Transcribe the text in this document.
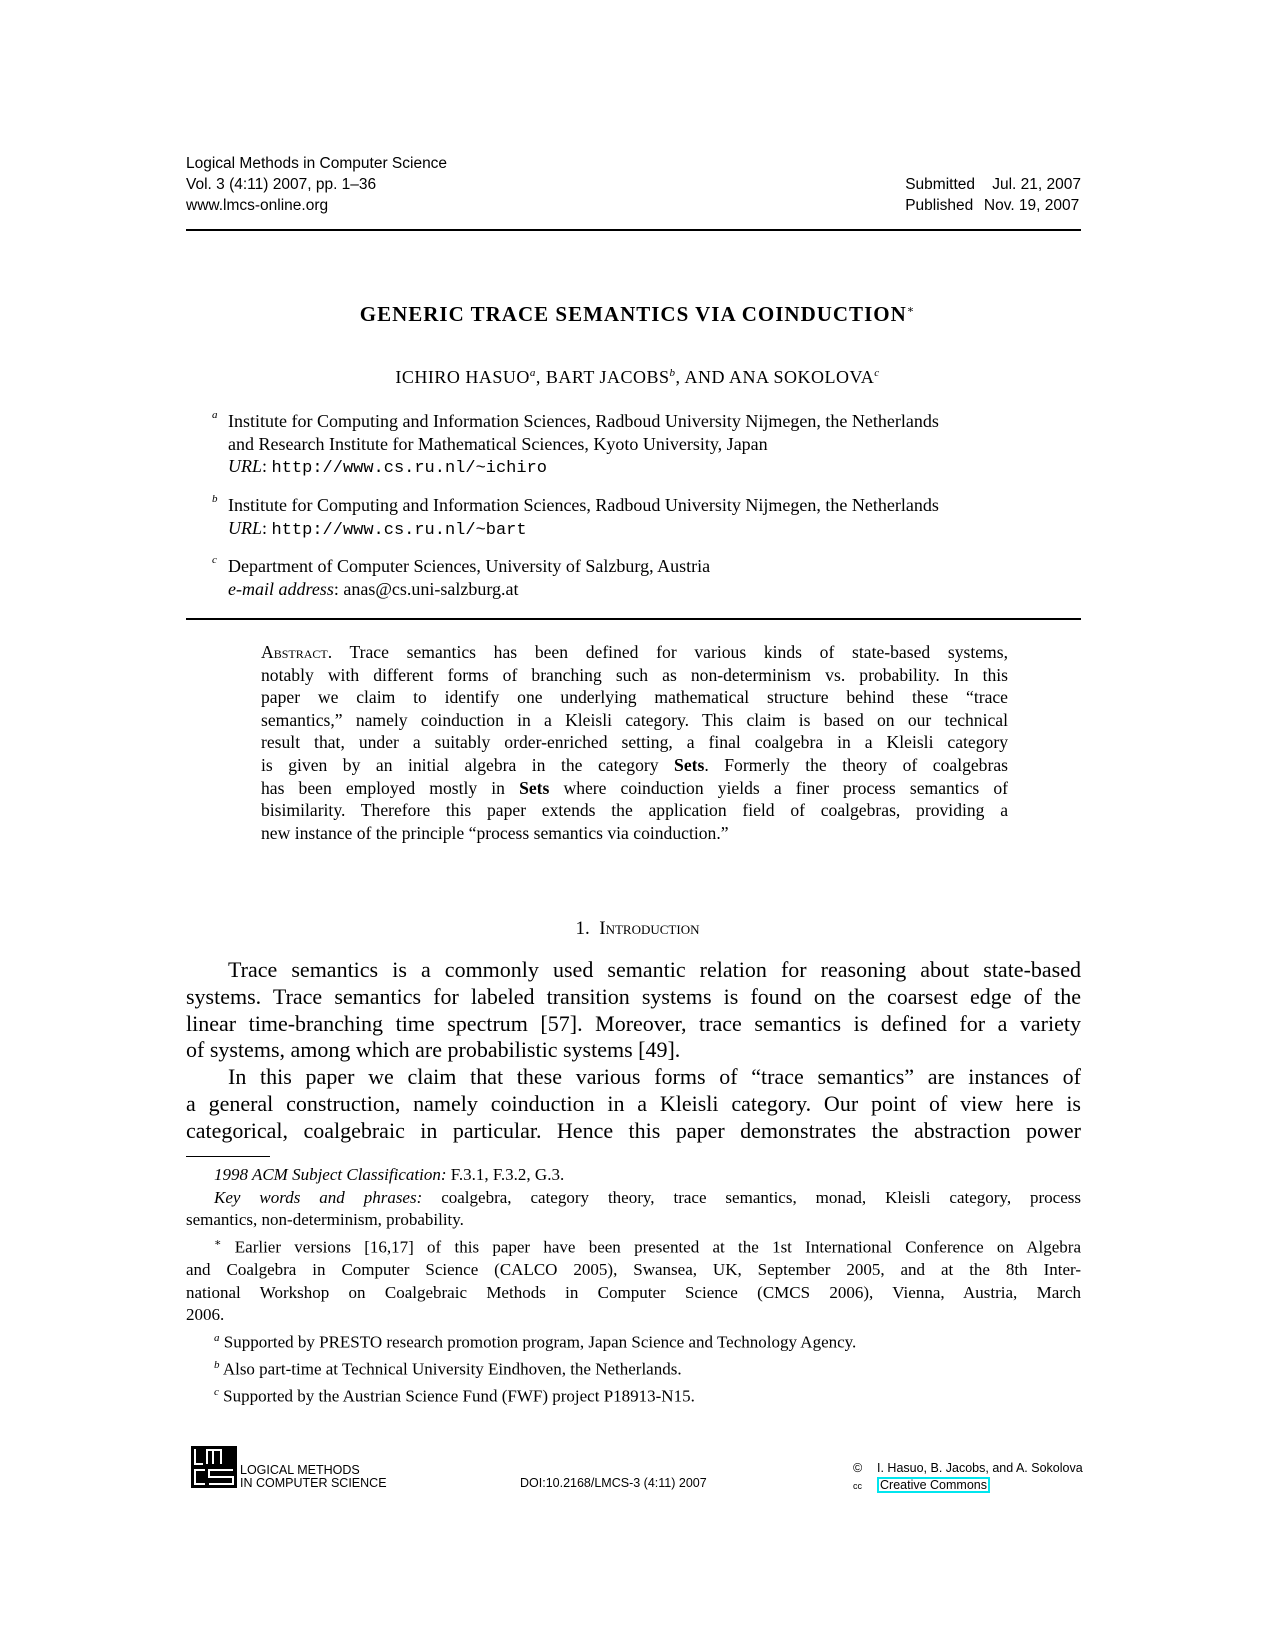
Logical Methods in Computer Science
Vol. 3 (4:11) 2007, pp. 1–36
www.lmcs-online.org
Submitted Jul. 21, 2007
Published Nov. 19, 2007
GENERIC TRACE SEMANTICS VIA COINDUCTION∗
ICHIRO HASUO$^a$, BART JACOBS$^b$, AND ANA SOKOLOVA$^c$
a Institute for Computing and Information Sciences, Radboud University Nijmegen, the Netherlands
and Research Institute for Mathematical Sciences, Kyoto University, Japan
URL: http://www.cs.ru.nl/~ichiro
b Institute for Computing and Information Sciences, Radboud University Nijmegen, the Netherlands
URL: http://www.cs.ru.nl/~bart
c Department of Computer Sciences, University of Salzburg, Austria
e-mail address: anas@cs.uni-salzburg.at
Abstract. Trace semantics has been defined for various kinds of state-based systems,
notably with different forms of branching such as non-determinism vs. probability. In this
paper we claim to identify one underlying mathematical structure behind these “trace
semantics,” namely coinduction in a Kleisli category. This claim is based on our technical
result that, under a suitably order-enriched setting, a final coalgebra in a Kleisli category
is given by an initial algebra in the category Sets. Formerly the theory of coalgebras
has been employed mostly in Sets where coinduction yields a finer process semantics of
bisimilarity. Therefore this paper extends the application field of coalgebras, providing a
new instance of the principle “process semantics via coinduction.”
1. Introduction
Trace semantics is a commonly used semantic relation for reasoning about state-based
systems. Trace semantics for labeled transition systems is found on the coarsest edge of the
linear time-branching time spectrum [57]. Moreover, trace semantics is defined for a variety
of systems, among which are probabilistic systems [49].
In this paper we claim that these various forms of “trace semantics” are instances of
a general construction, namely coinduction in a Kleisli category. Our point of view here is
categorical, coalgebraic in particular. Hence this paper demonstrates the abstraction power
1998 ACM Subject Classification: F.3.1, F.3.2, G.3.
Key words and phrases: coalgebra, category theory, trace semantics, monad, Kleisli category, process
semantics, non-determinism, probability.
∗ Earlier versions [16,17] of this paper have been presented at the 1st International Conference on Algebra
and Coalgebra in Computer Science (CALCO 2005), Swansea, UK, September 2005, and at the 8th Inter-
national Workshop on Coalgebraic Methods in Computer Science (CMCS 2006), Vienna, Austria, March
2006.
$^a$ Supported by PRESTO research promotion program, Japan Science and Technology Agency.
$^b$ Also part-time at Technical University Eindhoven, the Netherlands.
$^c$ Supported by the Austrian Science Fund (FWF) project P18913-N15.
LOGICAL METHODS
IN COMPUTER SCIENCE	DOI:10.2168/LMCS-3 (4:11) 2007
© I. Hasuo, B. Jacobs, and A. Sokolova
cc Creative Commons
